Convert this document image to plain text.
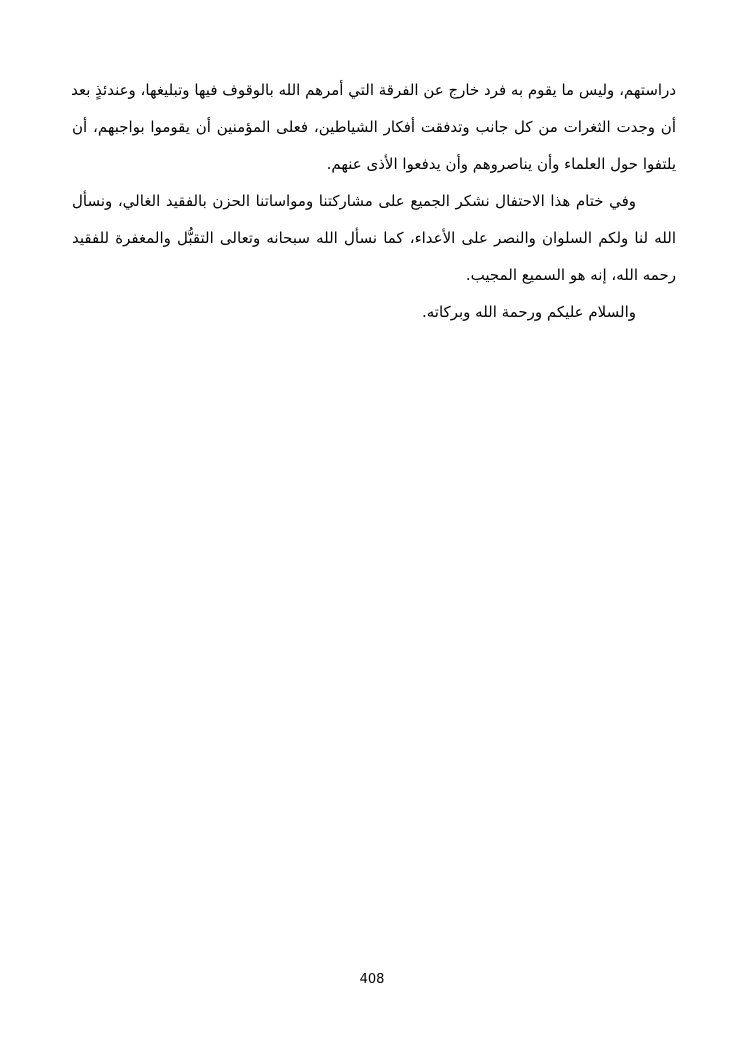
دراستهم، وليس ما يقوم به فرد خارج عن الفرقة التي أمرهم الله بالوقوف فيها وتبليغها، وعندئذٍ بعد
أن وجدت الثغرات من كل جانب وتدفقت أفكار الشياطين، فعلى المؤمنين أن يقوموا بواجبهم، أن
يلتفوا حول العلماء وأن يناصروهم وأن يدفعوا الأذى عنهم.
وفي ختام هذا الاحتفال نشكر الجميع على مشاركتنا ومواساتنا الحزن بالفقيد الغالي، ونسأل
الله لنا ولكم السلوان والنصر على الأعداء، كما نسأل الله سبحانه وتعالى التقبُّل والمغفرة للفقيد
رحمه الله، إنه هو السميع المجيب.
والسلام عليكم ورحمة الله وبركاته.
408
